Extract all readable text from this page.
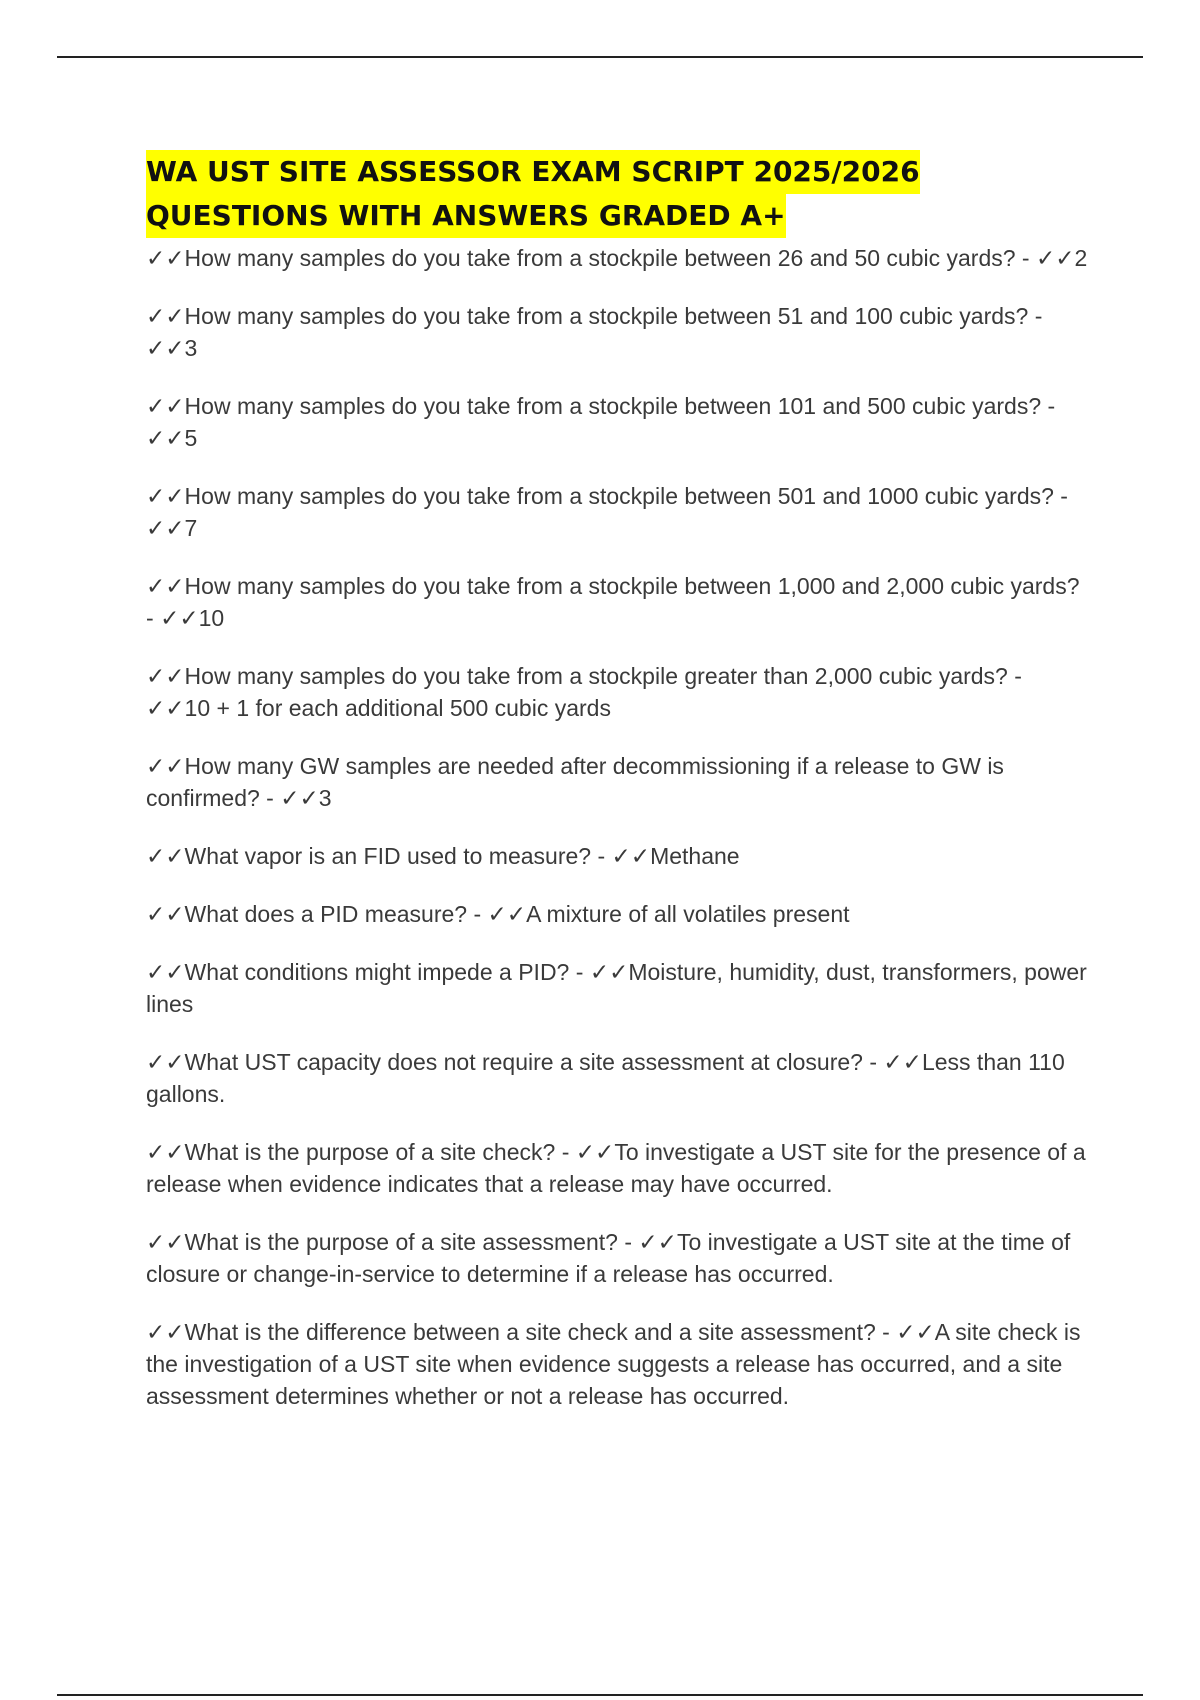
WA UST SITE ASSESSOR EXAM SCRIPT 2025/2026
QUESTIONS WITH ANSWERS GRADED A+
✓✓How many samples do you take from a stockpile between 26 and 50 cubic yards? - ✓✓2
✓✓How many samples do you take from a stockpile between 51 and 100 cubic yards? - ✓✓3
✓✓How many samples do you take from a stockpile between 101 and 500 cubic yards? - ✓✓5
✓✓How many samples do you take from a stockpile between 501 and 1000 cubic yards? - ✓✓7
✓✓How many samples do you take from a stockpile between 1,000 and 2,000 cubic yards? - ✓✓10
✓✓How many samples do you take from a stockpile greater than 2,000 cubic yards? - ✓✓10 + 1 for each additional 500 cubic yards
✓✓How many GW samples are needed after decommissioning if a release to GW is confirmed? - ✓✓3
✓✓What vapor is an FID used to measure? - ✓✓Methane
✓✓What does a PID measure? - ✓✓A mixture of all volatiles present
✓✓What conditions might impede a PID? - ✓✓Moisture, humidity, dust, transformers, power lines
✓✓What UST capacity does not require a site assessment at closure? - ✓✓Less than 110 gallons.
✓✓What is the purpose of a site check? - ✓✓To investigate a UST site for the presence of a release when evidence indicates that a release may have occurred.
✓✓What is the purpose of a site assessment? - ✓✓To investigate a UST site at the time of closure or change-in-service to determine if a release has occurred.
✓✓What is the difference between a site check and a site assessment? - ✓✓A site check is the investigation of a UST site when evidence suggests a release has occurred, and a site assessment determines whether or not a release has occurred.
